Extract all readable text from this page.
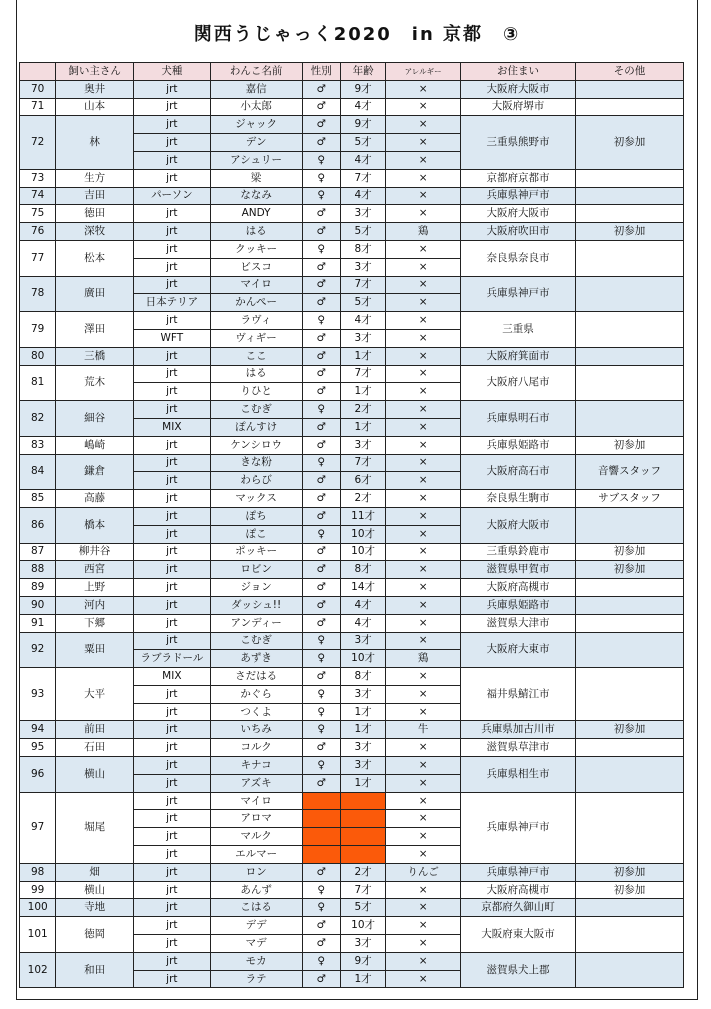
関西うじゃっく2020　in 京都　③
	飼い主さん	犬種	わんこ名前	性別	年齢	アレルギー	お住まい	その他
70	奥井	jrt	嘉信	♂	9才	×	大阪府大阪市	
71	山本	jrt	小太郎	♂	4才	×	大阪府堺市	
72	林	jrt	ジャック	♂	9才	×	三重県熊野市	初参加
		jrt	デン	♂	5才	×		
		jrt	アシュリー	♀	4才	×		
73	生方	jrt	梁	♀	7才	×	京都府京都市	
74	吉田	パーソン	ななみ	♀	4才	×	兵庫県神戸市	
75	徳田	jrt	ANDY	♂	3才	×	大阪府大阪市	
76	深牧	jrt	はる	♂	5才	鶏	大阪府吹田市	初参加
77	松本	jrt	クッキー	♀	8才	×	奈良県奈良市	
		jrt	ビスコ	♂	3才	×		
78	廣田	jrt	マイロ	♂	7才	×	兵庫県神戸市	
		日本テリア	かんぺー	♂	5才	×		
79	澤田	jrt	ラヴィ	♀	4才	×	三重県	
		WFT	ヴィギー	♂	3才	×		
80	三橋	jrt	ここ	♂	1才	×	大阪府箕面市	
81	荒木	jrt	はる	♂	7才	×	大阪府八尾市	
		jrt	りひと	♂	1才	×		
82	細谷	jrt	こむぎ	♀	2才	×	兵庫県明石市	
		MIX	ぽんすけ	♂	1才	×		
83	嶋崎	jrt	ケンシロウ	♂	3才	×	兵庫県姫路市	初参加
84	鎌倉	jrt	きな粉	♀	7才	×	大阪府高石市	音響スタッフ
		jrt	わらび	♂	6才	×		
85	高藤	jrt	マックス	♂	2才	×	奈良県生駒市	サブスタッフ
86	橋本	jrt	ぽち	♂	11才	×	大阪府大阪市	
		jrt	ぽこ	♀	10才	×		
87	柳井谷	jrt	ポッキー	♂	10才	×	三重県鈴鹿市	初参加
88	西宮	jrt	ロビン	♂	8才	×	滋賀県甲賀市	初参加
89	上野	jrt	ジョン	♂	14才	×	大阪府高槻市	
90	河内	jrt	ダッシュ!!	♂	4才	×	兵庫県姫路市	
91	下郷	jrt	アンディー	♂	4才	×	滋賀県大津市	
92	粟田	jrt	こむぎ	♀	3才	×	大阪府大東市	
		ラブラドール	あずき	♀	10才	鶏		
93	大平	MIX	さだはる	♂	8才	×	福井県鯖江市	
		jrt	かぐら	♀	3才	×		
		jrt	つくよ	♀	1才	×		
94	前田	jrt	いちみ	♀	1才	牛	兵庫県加古川市	初参加
95	石田	jrt	コルク	♂	3才	×	滋賀県草津市	
96	横山	jrt	キナコ	♀	3才	×	兵庫県相生市	
		jrt	アズキ	♂	1才	×		
97	堀尾	jrt	マイロ			×	兵庫県神戸市	
		jrt	アロマ			×		
		jrt	マルク			×		
		jrt	エルマー			×		
98	畑	jrt	ロン	♂	2才	りんご	兵庫県神戸市	初参加
99	横山	jrt	あんず	♀	7才	×	大阪府高槻市	初参加
100	寺地	jrt	こはる	♀	5才	×	京都府久御山町	
101	徳岡	jrt	デデ	♂	10才	×	大阪府東大阪市	
		jrt	マデ	♂	3才	×		
102	和田	jrt	モカ	♀	9才	×	滋賀県犬上郡	
		jrt	ラテ	♂	1才	×		
